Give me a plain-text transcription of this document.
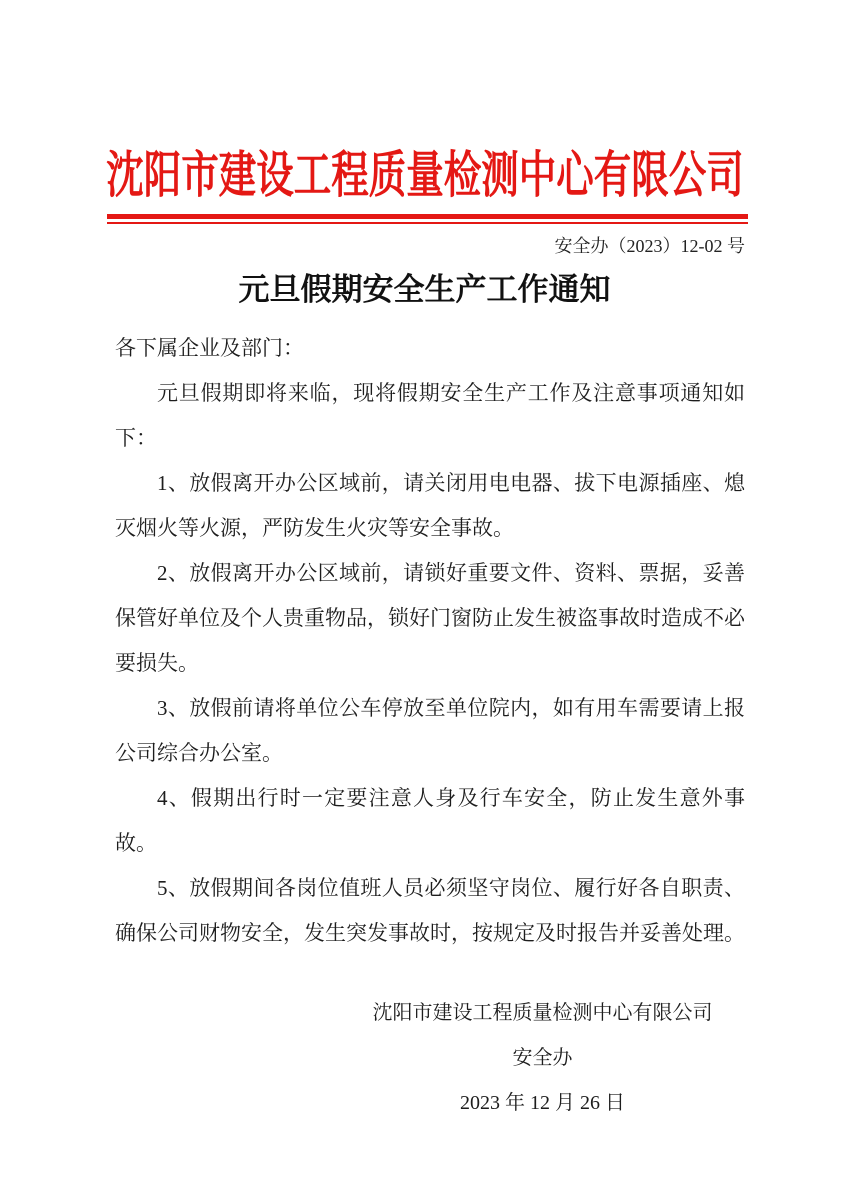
沈阳市建设工程质量检测中心有限公司
安全办（2023）12-02 号
元旦假期安全生产工作通知

各下属企业及部门：

元旦假期即将来临，现将假期安全生产工作及注意事项通知如下：

1、放假离开办公区域前，请关闭用电电器、拔下电源插座、熄灭烟火等火源，严防发生火灾等安全事故。

2、放假离开办公区域前，请锁好重要文件、资料、票据，妥善保管好单位及个人贵重物品，锁好门窗防止发生被盗事故时造成不必要损失。

3、放假前请将单位公车停放至单位院内，如有用车需要请上报公司综合办公室。

4、假期出行时一定要注意人身及行车安全，防止发生意外事故。

5、放假期间各岗位值班人员必须坚守岗位、履行好各自职责、确保公司财物安全，发生突发事故时，按规定及时报告并妥善处理。

沈阳市建设工程质量检测中心有限公司
安全办
2023 年 12 月 26 日
